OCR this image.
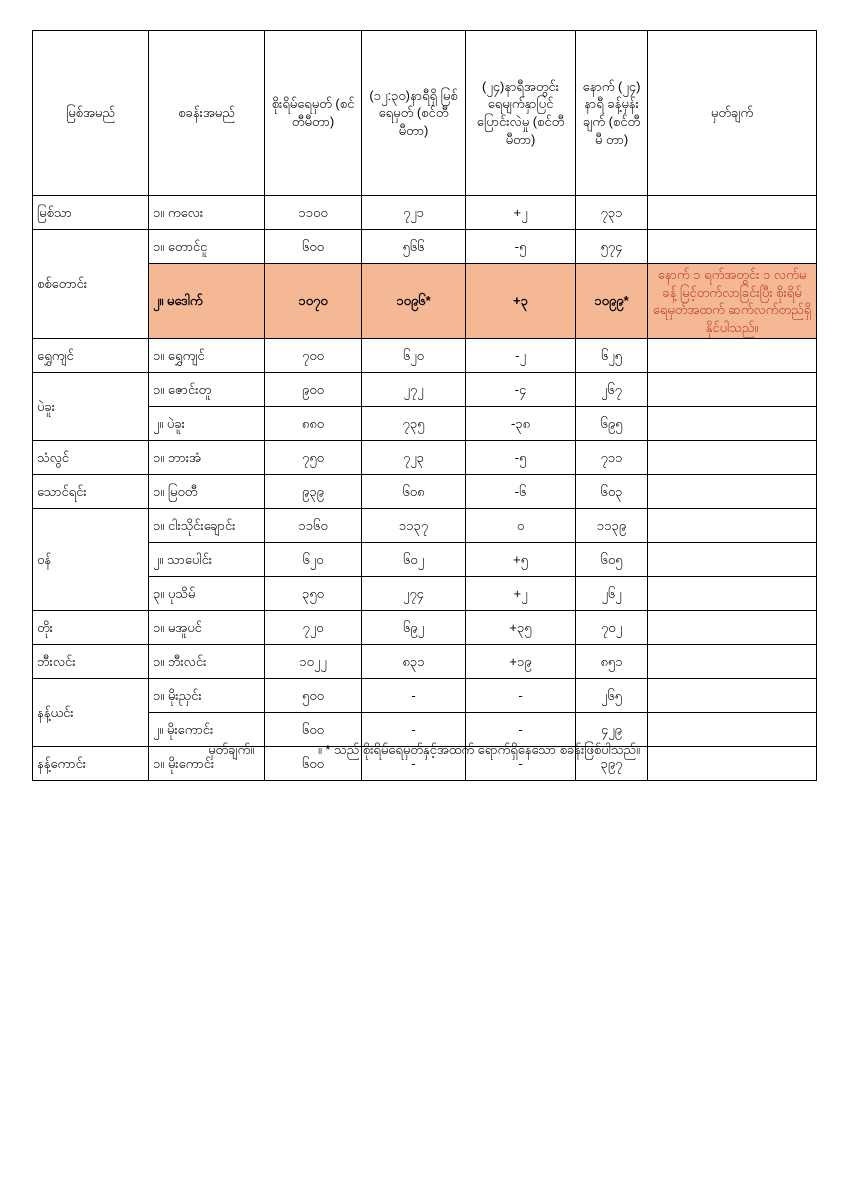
မြစ်အမည်	စခန်းအမည်	စိုးရိမ်ရေမှတ် (စင်တီမီတာ)	(၁၂:၃၀)နာရီရှိ မြစ်ရေမှတ် (စင်တီမီတာ)	(၂၄)နာရီအတွင်း ရေမျက်နှာပြင် ပြောင်းလဲမှု (စင်တီမီတာ)	နောက် (၂၄) နာရီ ခန့်မှန်းချက် (စင်တီမီ တာ)	မှတ်ချက်
မြစ်သာ	၁။ ကလေး	၁၁၀၀	၇၂၁	+၂	၇၃၁	
စစ်တောင်း	၁။ တောင်ငူ	၆၀၀	၅၆၆	-၅	၅၇၄	
	၂။ မဒေါက်	၁၀၇၀	၁၀၉၆*	+၃	၁၀၉၉*	နောက် ၁ ရက်အတွင်း ၁ လက်မခန့် မြင့်တက်လာခြင်းပြီး စိုးရိမ်ရေမှတ်အထက် ဆက်လက်တည်ရှိနိုင်ပါသည်။
ရွှေကျင်	၁။ ရွှေကျင်	၇၀၀	၆၂၀	-၂	၆၂၅	
ပဲခူး	၁။ ဇောင်းတူ	၉၀၀	၂၇၂	-၄	၂၆၇	
	၂။ ပဲခူး	၈၈၀	၇၃၅	-၃၈	၆၉၅	
သံလွင်	၁။ ဘားအံ	၇၅၀	၇၂၃	-၅	၇၁၁	
သောင်ရင်း	၁။ မြဝတီ	၉၃၉	၆၀၈	-၆	၆၀၃	
ဝန်	၁။ ငါးသိုင်းချောင်း	၁၁၆၀	၁၁၃၇	၀	၁၁၃၉	
	၂။ သာပေါင်း	၆၂၀	၆၀၂	+၅	၆၀၅	
	၃။ ပုသိမ်	၃၅၀	၂၇၄	+၂	၂၆၂	
တိုး	၁။ မအူပင်	၇၂၀	၆၉၂	+၃၅	၇၀၂	
ဘီးလင်း	၁။ ဘီးလင်း	၁၀၂၂	၈၃၁	+၁၉	၈၅၁	
နန့်ယင်း	၁။ မိုးညှင်း	၅၀၀	-	-	၂၆၅	
	၂။ မိုးကောင်း	၆၀၀	-	-	၄၂၉	
နန့်ကောင်း	၁။ မိုးကောင်း	၆၀၀	-	-	၃၉၇	
မှတ်ချက်။	။ * သည် စိုးရိမ်ရေမှတ်နှင့်အထက် ရောက်ရှိနေသော စခန်းဖြစ်ပါသည်။
